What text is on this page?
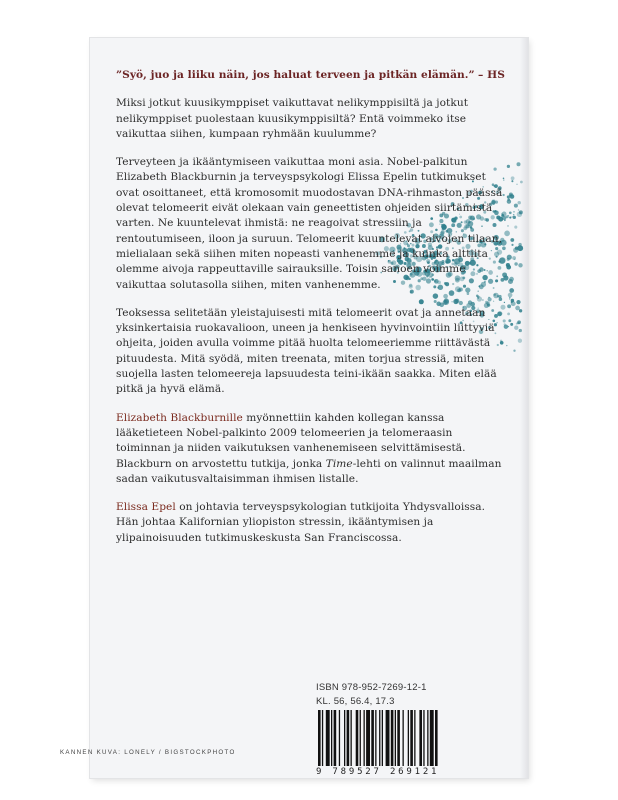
”Syö, juo ja liiku näin, jos haluat terveen ja pitkän elämän.” – HS

Miksi jotkut kuusikymppiset vaikuttavat nelikymppisiltä ja jotkut nelikymppiset puolestaan kuusikymppisiltä? Entä voimmeko itse vaikuttaa siihen, kumpaan ryhmään kuulumme?

Terveyteen ja ikääntymiseen vaikuttaa moni asia. Nobel-palkitun Elizabeth Blackburnin ja terveyspsykologi Elissa Epelin tutkimukset ovat osoittaneet, että kromosomit muodostavan DNA-rihmaston päässä olevat telomeerit eivät olekaan vain geneettisten ohjeiden siirtämistä varten. Ne kuuntelevat ihmistä: ne reagoivat stressiin ja rentoutumiseen, iloon ja suruun. Telomeerit kuuntelevat aivojen tilaan, mielialaan sekä siihen miten nopeasti vanhenemme ja kuinka alttiita olemme aivoja rappeuttaville sairauksille. Toisin sanoen voimme vaikuttaa solutasolla siihen, miten vanhenemme.

Teoksessa selitetään yleistajuisesti mitä telomeerit ovat ja annetaan yksinkertaisia ruokavalioon, uneen ja henkiseen hyvinvointiin liittyviä ohjeita, joiden avulla voimme pitää huolta telomeeriemme riittävästä pituudesta. Mitä syödä, miten treenata, miten torjua stressiä, miten suojella lasten telomeereja lapsuudesta teini-ikään saakka. Miten elää pitkä ja hyvä elämä.

Elizabeth Blackburnille myönnettiin kahden kollegan kanssa lääketieteen Nobel-palkinto 2009 telomeerien ja telomeraasin toiminnan ja niiden vaikutuksen vanhenemiseen selvittämisestä. Blackburn on arvostettu tutkija, jonka Time-lehti on valinnut maailman sadan vaikutusvaltaisimman ihmisen listalle.

Elissa Epel on johtavia terveyspsykologian tutkijoita Yhdysvalloissa. Hän johtaa Kalifornian yliopiston stressin, ikääntymisen ja ylipainoisuuden tutkimuskeskusta San Franciscossa.

ISBN 978-952-7269-12-1
KL. 56, 56.4, 17.3
9 789527 269121
KANNEN KUVA: LONELY / BIGSTOCKPHOTO
